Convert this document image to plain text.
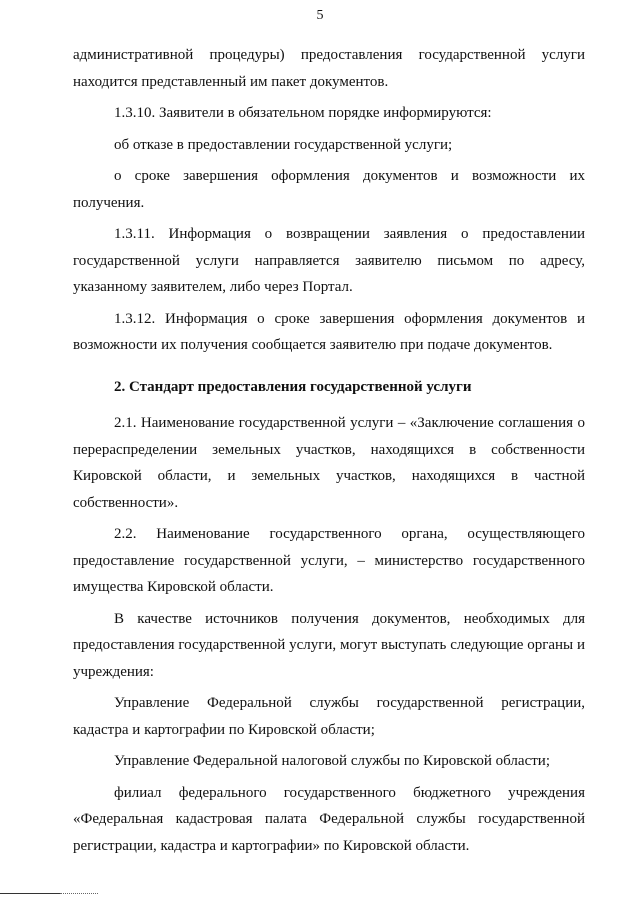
5

административной процедуры) предоставления государственной услуги находится представленный им пакет документов.

1.3.10. Заявители в обязательном порядке информируются:

об отказе в предоставлении государственной услуги;

о сроке завершения оформления документов и возможности их получения.

1.3.11. Информация о возвращении заявления о предоставлении государственной услуги направляется заявителю письмом по адресу, указанному заявителем, либо через Портал.

1.3.12. Информация о сроке завершения оформления документов и возможности их получения сообщается заявителю при подаче документов.

2. Стандарт предоставления государственной услуги

2.1. Наименование государственной услуги – «Заключение соглашения о перераспределении земельных участков, находящихся в собственности Кировской области, и земельных участков, находящихся в частной собственности».

2.2. Наименование государственного органа, осуществляющего предоставление государственной услуги, – министерство государственного имущества Кировской области.

В качестве источников получения документов, необходимых для предоставления государственной услуги, могут выступать следующие органы и учреждения:

Управление Федеральной службы государственной регистрации, кадастра и картографии по Кировской области;

Управление Федеральной налоговой службы по Кировской области;

филиал федерального государственного бюджетного учреждения «Федеральная кадастровая палата Федеральной службы государственной регистрации, кадастра и картографии» по Кировской области.
